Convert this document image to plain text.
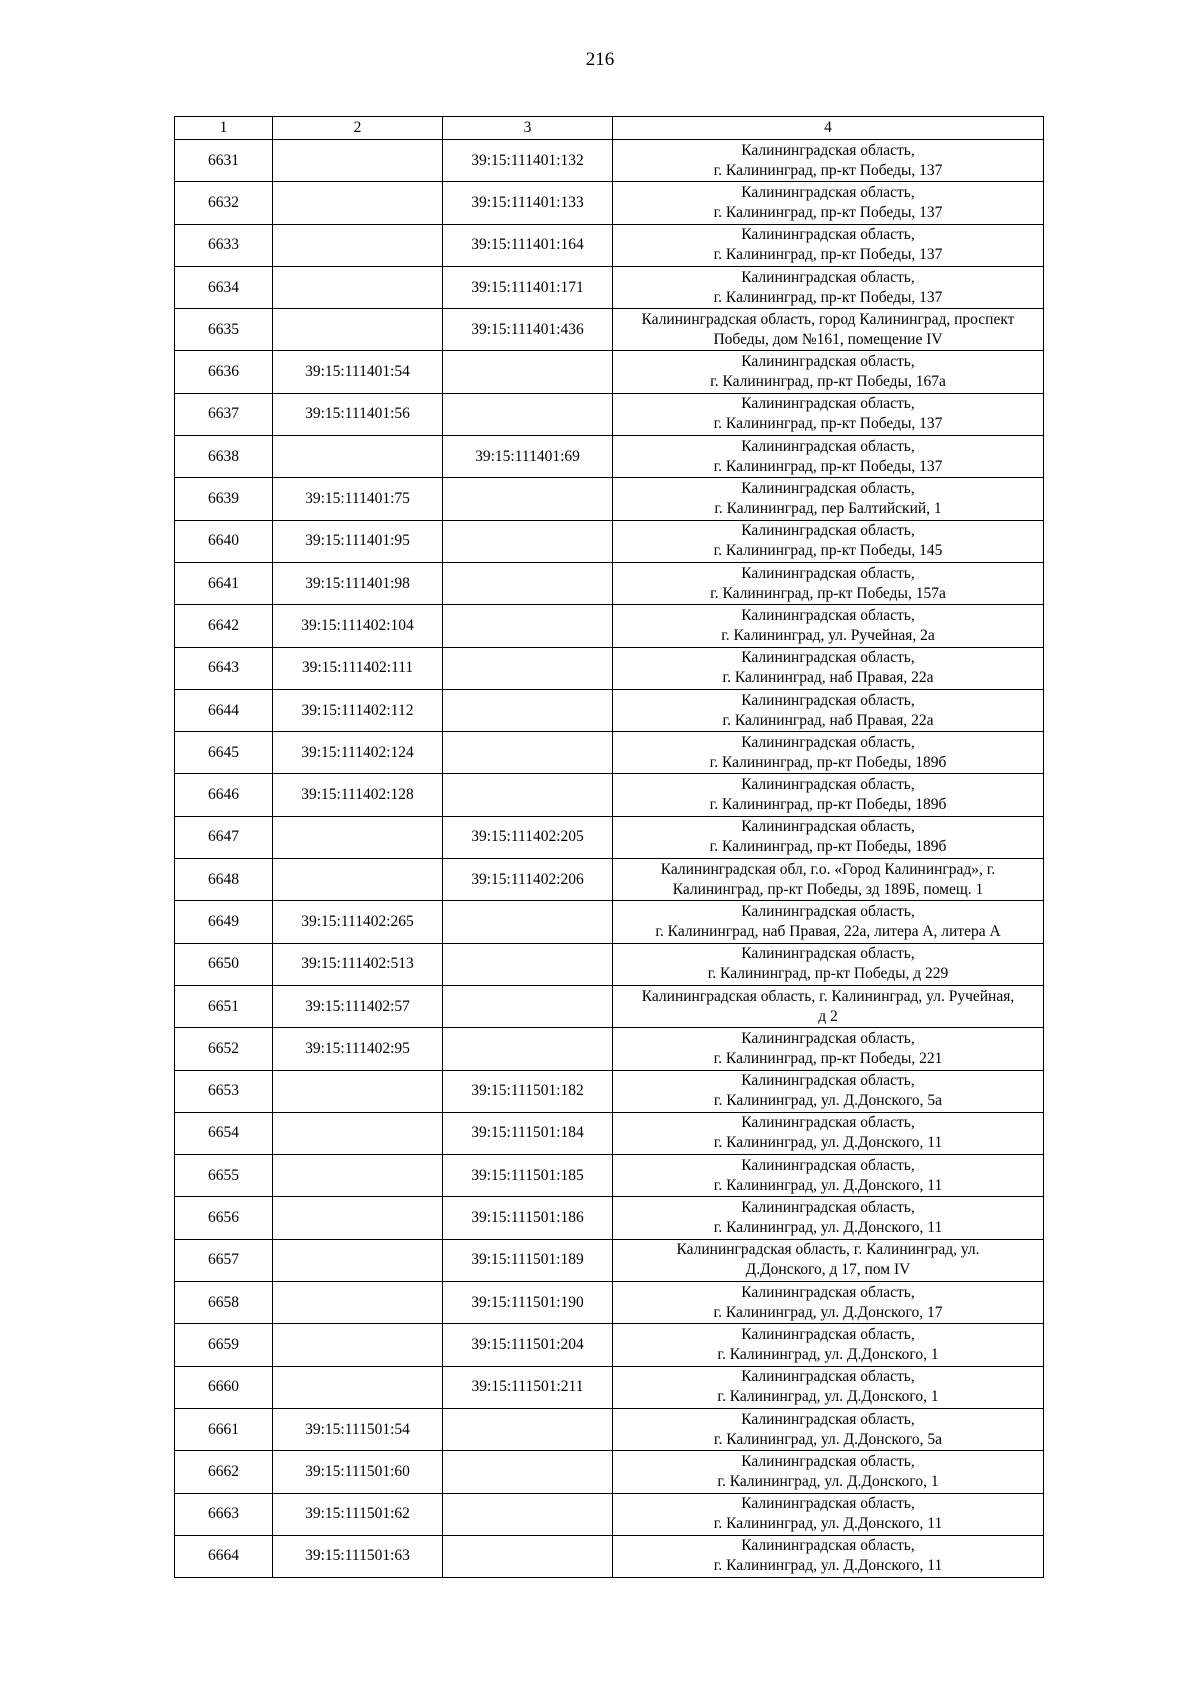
216
1	2	3	4
6631		39:15:111401:132	Калининградская область,
г. Калининград, пр-кт Победы, 137

6632		39:15:111401:133	Калининградская область,
г. Калининград, пр-кт Победы, 137

6633		39:15:111401:164	Калининградская область,
г. Калининград, пр-кт Победы, 137

6634		39:15:111401:171	Калининградская область,
г. Калининград, пр-кт Победы, 137

6635		39:15:111401:436	Калининградская область, город Калининград, проспект
Победы, дом №161, помещение IV

6636	39:15:111401:54		Калининградская область,
г. Калининград, пр-кт Победы, 167а

6637	39:15:111401:56		Калининградская область,
г. Калининград, пр-кт Победы, 137

6638		39:15:111401:69	Калининградская область,
г. Калининград, пр-кт Победы, 137

6639	39:15:111401:75		Калининградская область,
г. Калининград, пер Балтийский, 1

6640	39:15:111401:95		Калининградская область,
г. Калининград, пр-кт Победы, 145

6641	39:15:111401:98		Калининградская область,
г. Калининград, пр-кт Победы, 157а

6642	39:15:111402:104		Калининградская область,
г. Калининград, ул. Ручейная, 2а

6643	39:15:111402:111		Калининградская область,
г. Калининград, наб Правая, 22а

6644	39:15:111402:112		Калининградская область,
г. Калининград, наб Правая, 22а

6645	39:15:111402:124		Калининградская область,
г. Калининград, пр-кт Победы, 189б

6646	39:15:111402:128		Калининградская область,
г. Калининград, пр-кт Победы, 189б

6647		39:15:111402:205	Калининградская область,
г. Калининград, пр-кт Победы, 189б

6648		39:15:111402:206	Калининградская обл, г.о. «Город Калининград», г.
Калининград, пр-кт Победы, зд 189Б, помещ. 1

6649	39:15:111402:265		Калининградская область,
г. Калининград, наб Правая, 22а, литера А, литера А

6650	39:15:111402:513		Калининградская область,
г. Калининград, пр-кт Победы, д 229

6651	39:15:111402:57		Калининградская область, г. Калининград, ул. Ручейная,
д 2

6652	39:15:111402:95		Калининградская область,
г. Калининград, пр-кт Победы, 221

6653		39:15:111501:182	Калининградская область,
г. Калининград, ул. Д.Донского, 5а

6654		39:15:111501:184	Калининградская область,
г. Калининград, ул. Д.Донского, 11

6655		39:15:111501:185	Калининградская область,
г. Калининград, ул. Д.Донского, 11

6656		39:15:111501:186	Калининградская область,
г. Калининград, ул. Д.Донского, 11

6657		39:15:111501:189	Калининградская область, г. Калининград, ул.
Д.Донского, д 17, пом IV

6658		39:15:111501:190	Калининградская область,
г. Калининград, ул. Д.Донского, 17

6659		39:15:111501:204	Калининградская область,
г. Калининград, ул. Д.Донского, 1

6660		39:15:111501:211	Калининградская область,
г. Калининград, ул. Д.Донского, 1

6661	39:15:111501:54		Калининградская область,
г. Калининград, ул. Д.Донского, 5а

6662	39:15:111501:60		Калининградская область,
г. Калининград, ул. Д.Донского, 1

6663	39:15:111501:62		Калининградская область,
г. Калининград, ул. Д.Донского, 11

6664	39:15:111501:63		Калининградская область,
г. Калининград, ул. Д.Донского, 11
